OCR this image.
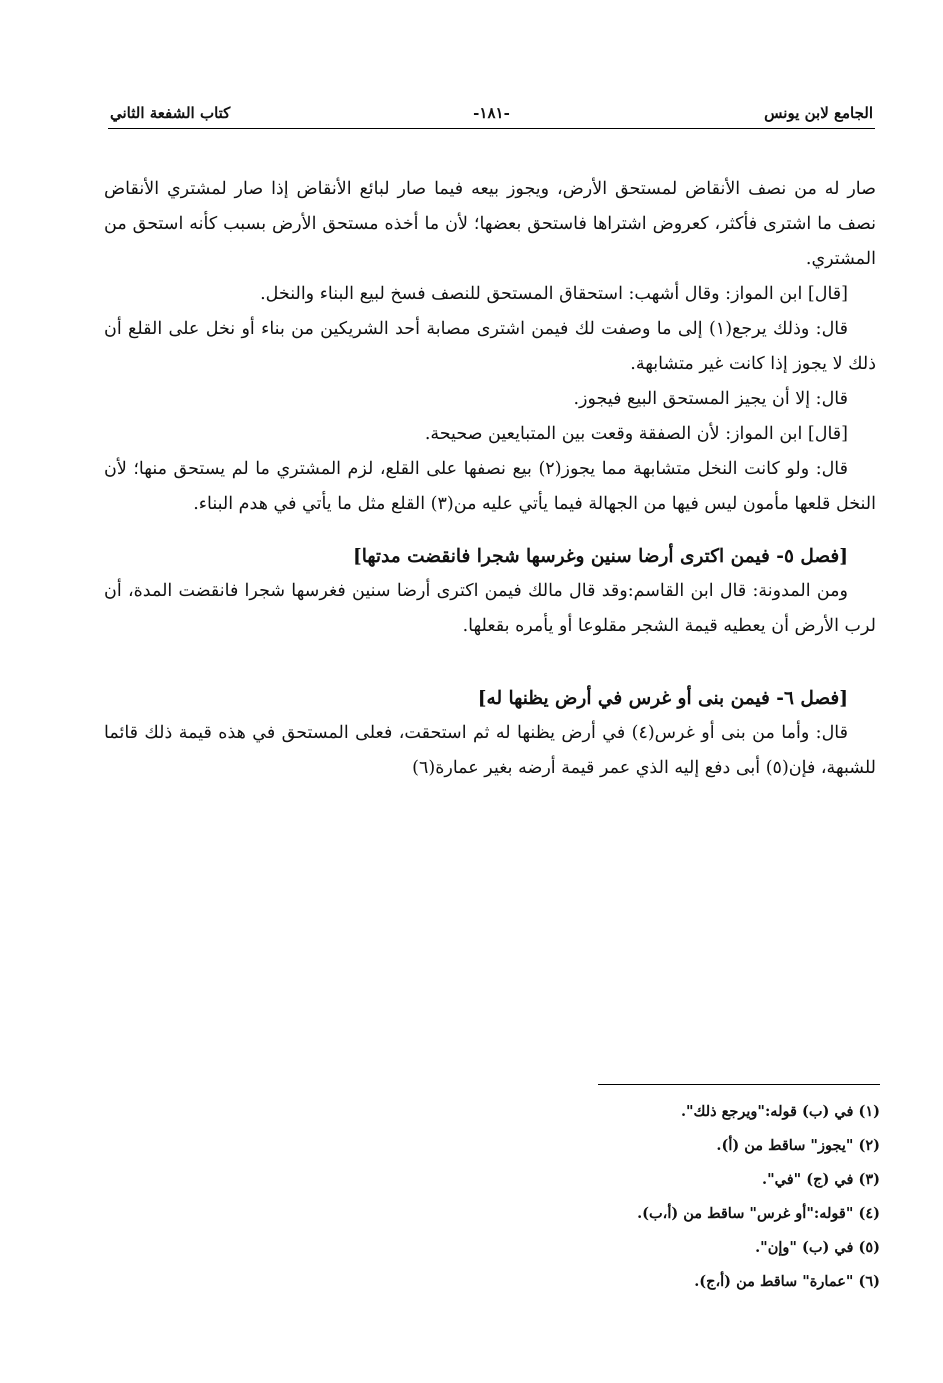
الجامع لابن يونس
-١٨١-
كتاب الشفعة الثاني

صار له من نصف الأنقاض لمستحق الأرض، ويجوز بيعه فيما صار لبائع الأنقاض إذا صار لمشتري الأنقاض نصف ما اشترى فأكثر، كعروض اشتراها فاستحق بعضها؛ لأن ما أخذه مستحق الأرض بسبب كأنه استحق من المشتري.

[قال] ابن المواز: وقال أشهب: استحقاق المستحق للنصف فسخ لبيع البناء والنخل.

قال: وذلك يرجع(١) إلى ما وصفت لك فيمن اشترى مصابة أحد الشريكين من بناء أو نخل على القلع أن ذلك لا يجوز إذا كانت غير متشابهة.

قال: إلا أن يجيز المستحق البيع فيجوز.

[قال] ابن المواز: لأن الصفقة وقعت بين المتبايعين صحيحة.

قال: ولو كانت النخل متشابهة مما يجوز(٢) بيع نصفها على القلع، لزم المشتري ما لم يستحق منها؛ لأن النخل قلعها مأمون ليس فيها من الجهالة فيما يأتي عليه من(٣) القلع مثل ما يأتي في هدم البناء.

[فصل ٥- فيمن اكترى أرضا سنين وغرسها شجرا فانقضت مدتها]

ومن المدونة: قال ابن القاسم:وقد قال مالك فيمن اكترى أرضا سنين فغرسها شجرا فانقضت المدة، أن لرب الأرض أن يعطيه قيمة الشجر مقلوعا أو يأمره بقعلها.

[فصل ٦- فيمن بنى أو غرس في أرض يظنها له]

قال: وأما من بنى أو غرس(٤) في أرض يظنها له ثم استحقت، فعلى المستحق في هذه قيمة ذلك قائما للشبهة، فإن(٥) أبى دفع إليه الذي عمر قيمة أرضه بغير عمارة(٦)

(١) في (ب) قوله:"ويرجع ذلك".
(٢) "يجوز" ساقط من (أ).
(٣) في (ج) "في".
(٤) "قوله:"أو غرس" ساقط من (أ،ب).
(٥) في (ب) "وإن".
(٦) "عمارة" ساقط من (أ،ج).
